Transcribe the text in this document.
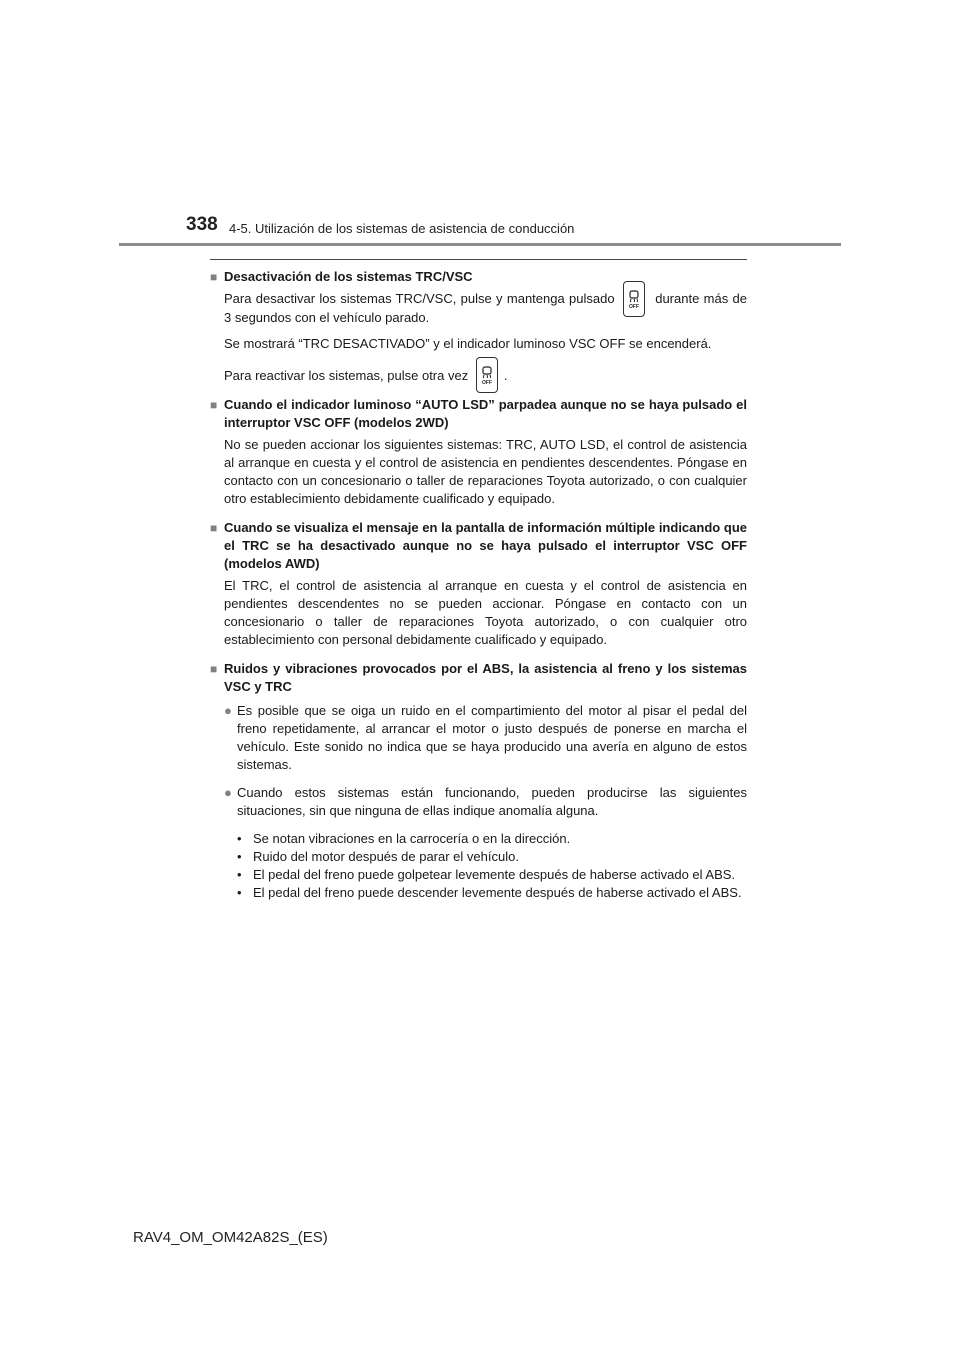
338 4-5. Utilización de los sistemas de asistencia de conducción
■ Desactivación de los sistemas TRC/VSC

Para desactivar los sistemas TRC/VSC, pulse y mantenga pulsado
OFF
durante más de 3 segundos con el vehículo parado.

Se mostrará “TRC DESACTIVADO” y el indicador luminoso VSC OFF se encenderá.

Para reactivar los sistemas, pulse otra vez
OFF
.

■ Cuando el indicador luminoso “AUTO LSD” parpadea aunque no se haya pulsado el interruptor VSC OFF (modelos 2WD)

No se pueden accionar los siguientes sistemas: TRC, AUTO LSD, el control de asistencia al arranque en cuesta y el control de asistencia en pendientes descendentes. Póngase en contacto con un concesionario o taller de reparaciones Toyota autorizado, o con cualquier otro establecimiento debidamente cualificado y equipado.

■ Cuando se visualiza el mensaje en la pantalla de información múltiple indicando que el TRC se ha desactivado aunque no se haya pulsado el interruptor VSC OFF (modelos AWD)

El TRC, el control de asistencia al arranque en cuesta y el control de asistencia en pendientes descendentes no se pueden accionar. Póngase en contacto con un concesionario o taller de reparaciones Toyota autorizado, o con cualquier otro establecimiento con personal debidamente cualificado y equipado.

■ Ruidos y vibraciones provocados por el ABS, la asistencia al freno y los sistemas VSC y TRC
● Es posible que se oiga un ruido en el compartimiento del motor al pisar el pedal del freno repetidamente, al arrancar el motor o justo después de ponerse en marcha el vehículo. Este sonido no indica que se haya producido una avería en alguno de estos sistemas.
● Cuando estos sistemas están funcionando, pueden producirse las siguientes situaciones, sin que ninguna de ellas indique anomalía alguna.
• Se notan vibraciones en la carrocería o en la dirección.
• Ruido del motor después de parar el vehículo.
• El pedal del freno puede golpetear levemente después de haberse activado el ABS.
• El pedal del freno puede descender levemente después de haberse activado el ABS.
RAV4_OM_OM42A82S_(ES)
